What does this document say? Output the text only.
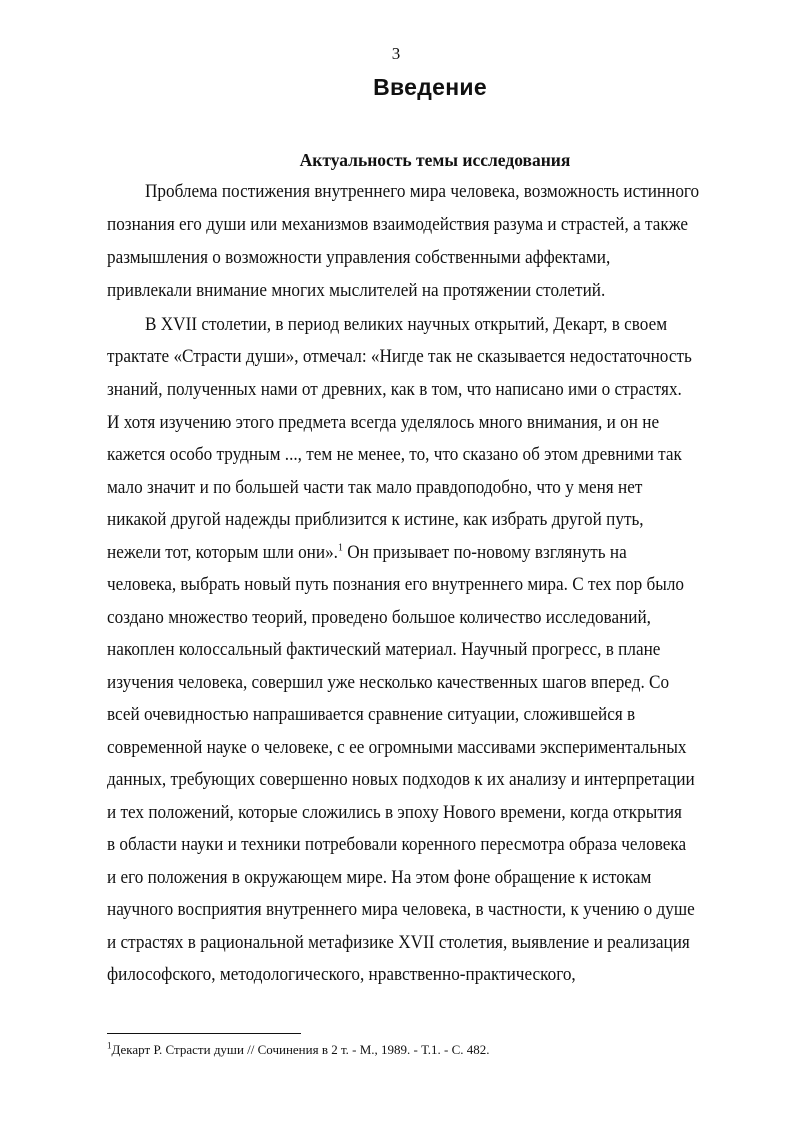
3
Введение
Актуальность темы исследования
Проблема постижения внутреннего мира человека, возможность истинного
познания его души или механизмов взаимодействия разума и страстей, а также
размышления о возможности управления собственными аффектами,
привлекали внимание многих мыслителей на протяжении столетий.
В XVII столетии, в период великих научных открытий, Декарт, в своем
трактате «Страсти души», отмечал: «Нигде так не сказывается недостаточность
знаний, полученных нами от древних, как в том, что написано ими о страстях.
И хотя изучению этого предмета всегда уделялось много внимания, и он не
кажется особо трудным ..., тем не менее, то, что сказано об этом древними так
мало значит и по большей части так мало правдоподобно, что у меня нет
никакой другой надежды приблизится к истине, как избрать другой путь,
нежели тот, которым шли они».$^1$ Он призывает по-новому взглянуть на
человека, выбрать новый путь познания его внутреннего мира. С тех пор было
создано множество теорий, проведено большое количество исследований,
накоплен колоссальный фактический материал. Научный прогресс, в плане
изучения человека, совершил уже несколько качественных шагов вперед. Со
всей очевидностью напрашивается сравнение ситуации, сложившейся в
современной науке о человеке, с ее огромными массивами экспериментальных
данных, требующих совершенно новых подходов к их анализу и интерпретации
и тех положений, которые сложились в эпоху Нового времени, когда открытия
в области науки и техники потребовали коренного пересмотра образа человека
и его положения в окружающем мире. На этом фоне обращение к истокам
научного восприятия внутреннего мира человека, в частности, к учению о душе
и страстях в рациональной метафизике XVII столетия, выявление и реализация
философского, методологического, нравственно-практического,
$^1$Декарт Р. Страсти души // Сочинения в 2 т. - М., 1989. - Т.1. - С. 482.
